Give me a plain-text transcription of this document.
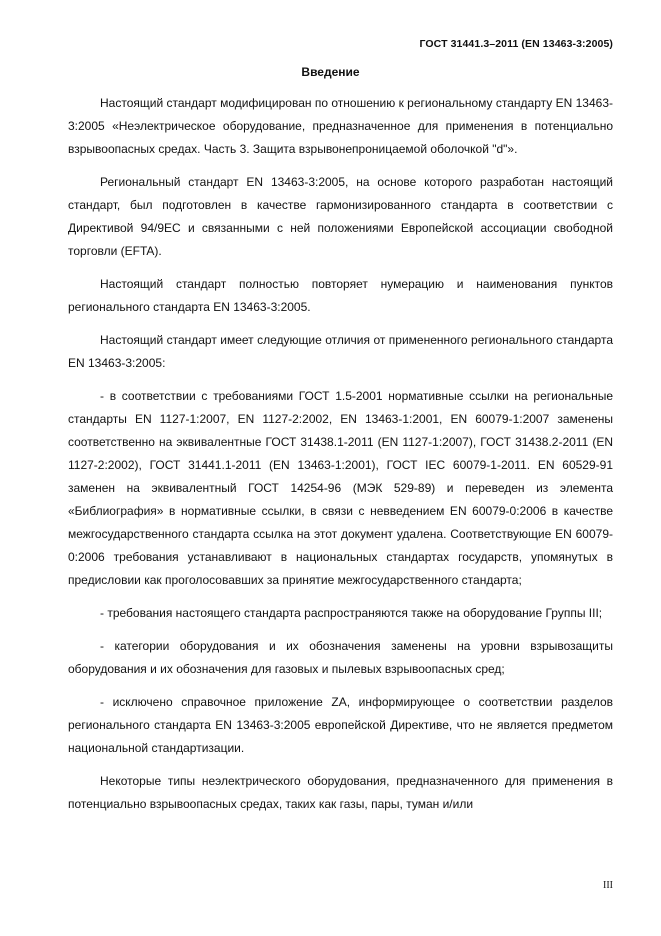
ГОСТ 31441.3–2011 (EN 13463-3:2005)
Введение

Настоящий стандарт модифицирован по отношению к региональному стандарту EN 13463-3:2005 «Неэлектрическое оборудование, предназначенное для применения в потенциально взрывоопасных средах. Часть 3. Защита взрывонепроницаемой оболочкой "d"».

Региональный стандарт EN 13463-3:2005, на основе которого разработан настоящий стандарт, был подготовлен в качестве гармонизированного стандарта в соответствии с Директивой 94/9ЕС и связанными с ней положениями Европейской ассоциации свободной торговли (EFTA).

Настоящий стандарт полностью повторяет нумерацию и наименования пунктов регионального стандарта EN 13463-3:2005.

Настоящий стандарт имеет следующие отличия от примененного регионального стандарта EN 13463-3:2005:

- в соответствии с требованиями ГОСТ 1.5-2001 нормативные ссылки на региональные стандарты EN 1127-1:2007, EN 1127-2:2002, EN 13463-1:2001, EN 60079-1:2007 заменены соответственно на эквивалентные ГОСТ 31438.1-2011 (EN 1127-1:2007), ГОСТ 31438.2-2011 (EN 1127-2:2002), ГОСТ 31441.1-2011 (EN 13463-1:2001), ГОСТ IEC 60079-1-2011. EN 60529-91 заменен на эквивалентный ГОСТ 14254-96 (МЭК 529-89) и переведен из элемента «Библиография» в нормативные ссылки, в связи с невведением EN 60079-0:2006 в качестве межгосударственного стандарта ссылка на этот документ удалена. Соответствующие EN 60079-0:2006 требования устанавливают в национальных стандартах государств, упомянутых в предисловии как проголосовавших за принятие межгосударственного стандарта;

- требования настоящего стандарта распространяются также на оборудование Группы III;

- категории оборудования и их обозначения заменены на уровни взрывозащиты оборудования и их обозначения для газовых и пылевых взрывоопасных сред;

- исключено справочное приложение ZA, информирующее о соответствии разделов регионального стандарта EN 13463-3:2005 европейской Директиве, что не является предметом национальной стандартизации.

Некоторые типы неэлектрического оборудования, предназначенного для применения в потенциально взрывоопасных средах, таких как газы, пары, туман и/или

III
